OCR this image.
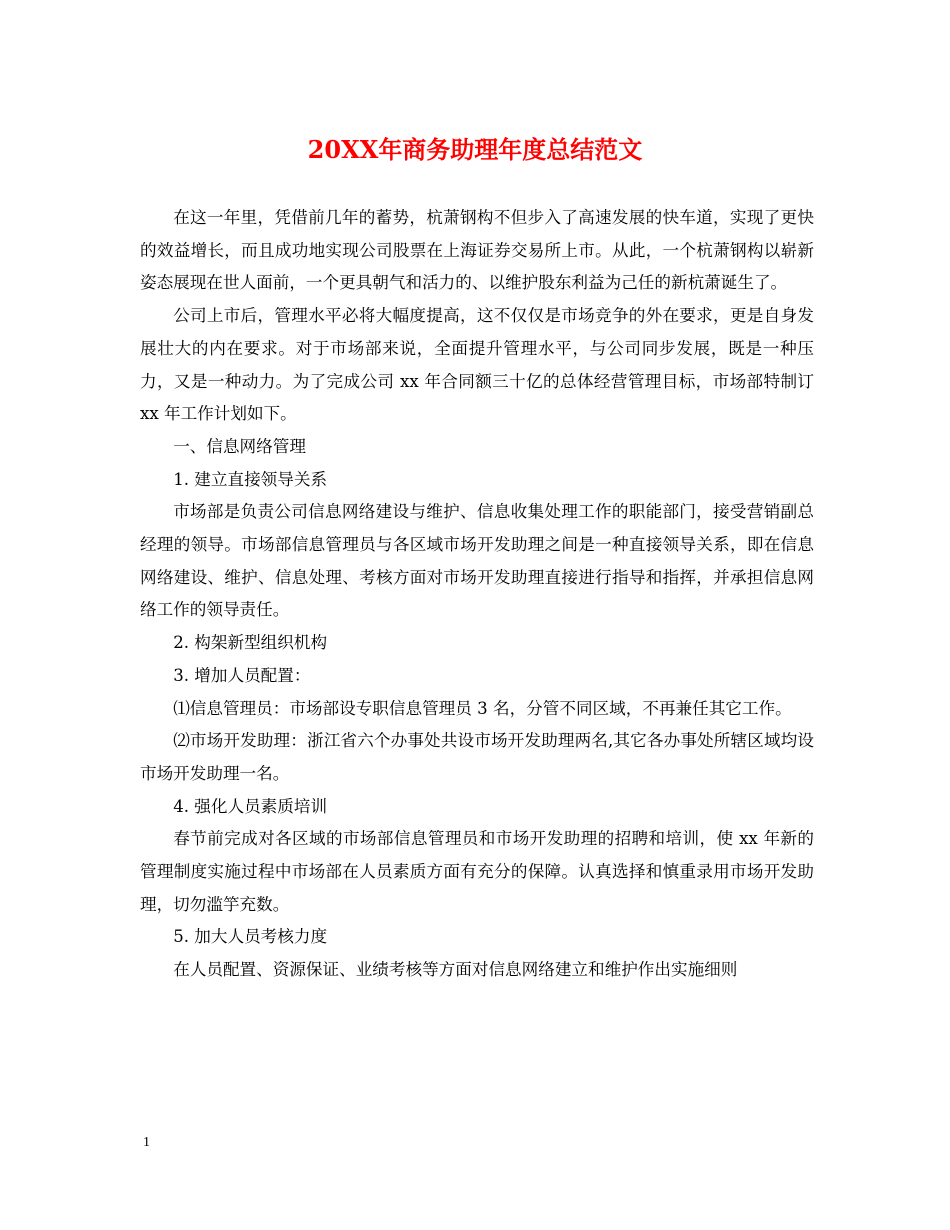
20XX年商务助理年度总结范文

在这一年里，凭借前几年的蓄势，杭萧钢构不但步入了高速发展的快车道，实现了更快的效益增长，而且成功地实现公司股票在上海证券交易所上市。从此，一个杭萧钢构以崭新姿态展现在世人面前，一个更具朝气和活力的、以维护股东利益为己任的新杭萧诞生了。

公司上市后，管理水平必将大幅度提高，这不仅仅是市场竞争的外在要求，更是自身发展壮大的内在要求。对于市场部来说，全面提升管理水平，与公司同步发展，既是一种压力，又是一种动力。为了完成公司 xx 年合同额三十亿的总体经营管理目标，市场部特制订 xx 年工作计划如下。

一、信息网络管理

1. 建立直接领导关系

市场部是负责公司信息网络建设与维护、信息收集处理工作的职能部门，接受营销副总经理的领导。市场部信息管理员与各区域市场开发助理之间是一种直接领导关系，即在信息网络建设、维护、信息处理、考核方面对市场开发助理直接进行指导和指挥，并承担信息网络工作的领导责任。

2. 构架新型组织机构

3. 增加人员配置：

⑴信息管理员：市场部设专职信息管理员 3 名，分管不同区域，不再兼任其它工作。

⑵市场开发助理：浙江省六个办事处共设市场开发助理两名,其它各办事处所辖区域均设市场开发助理一名。

4. 强化人员素质培训

春节前完成对各区域的市场部信息管理员和市场开发助理的招聘和培训，使 xx 年新的管理制度实施过程中市场部在人员素质方面有充分的保障。认真选择和慎重录用市场开发助理，切勿滥竽充数。

5. 加大人员考核力度

在人员配置、资源保证、业绩考核等方面对信息网络建立和维护作出实施细则

1
